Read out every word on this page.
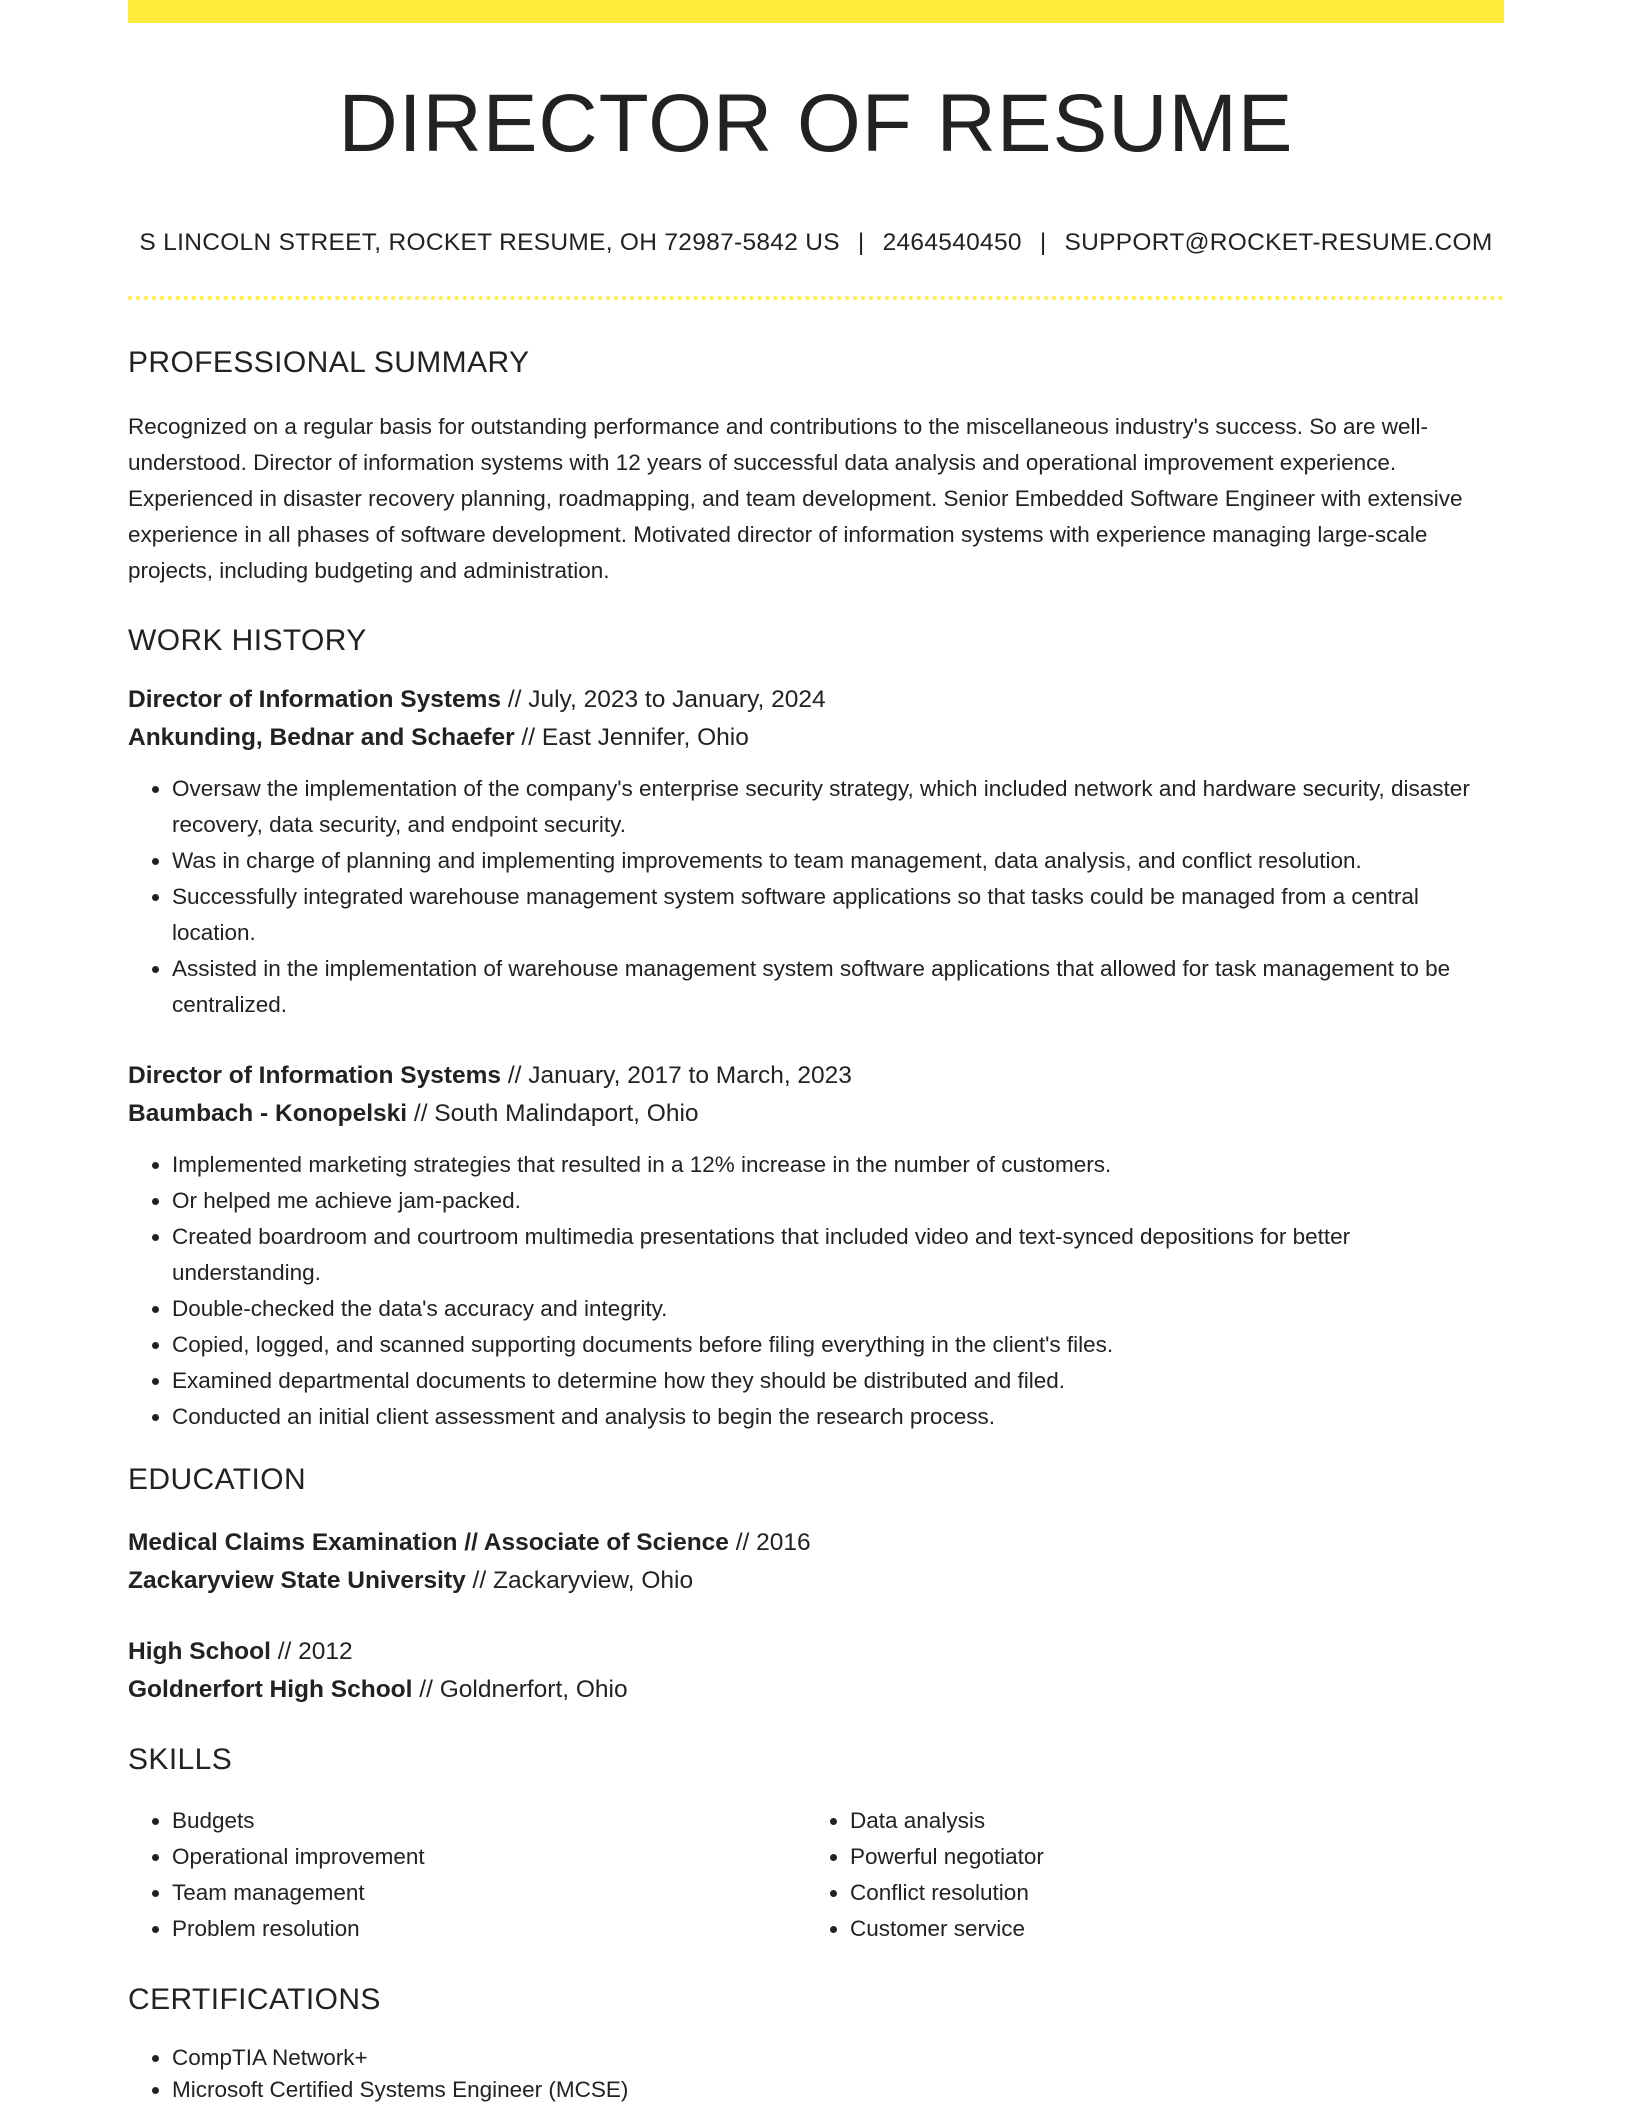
DIRECTOR OF RESUME
S LINCOLN STREET, ROCKET RESUME, OH 72987-5842 US | 2464540450 | SUPPORT@ROCKET-RESUME.COM
PROFESSIONAL SUMMARY

Recognized on a regular basis for outstanding performance and contributions to the miscellaneous industry's success. So are well-understood. Director of information systems with 12 years of successful data analysis and operational improvement experience. Experienced in disaster recovery planning, roadmapping, and team development. Senior Embedded Software Engineer with extensive experience in all phases of software development. Motivated director of information systems with experience managing large-scale projects, including budgeting and administration.

WORK HISTORY
Director of Information Systems // July, 2023 to January, 2024
Ankunding, Bednar and Schaefer // East Jennifer, Ohio
• Oversaw the implementation of the company's enterprise security strategy, which included network and hardware security, disaster recovery, data security, and endpoint security.
• Was in charge of planning and implementing improvements to team management, data analysis, and conflict resolution.
• Successfully integrated warehouse management system software applications so that tasks could be managed from a central location.
• Assisted in the implementation of warehouse management system software applications that allowed for task management to be centralized.
Director of Information Systems // January, 2017 to March, 2023
Baumbach - Konopelski // South Malindaport, Ohio
• Implemented marketing strategies that resulted in a 12% increase in the number of customers.
• Or helped me achieve jam-packed.
• Created boardroom and courtroom multimedia presentations that included video and text-synced depositions for better understanding.
• Double-checked the data's accuracy and integrity.
• Copied, logged, and scanned supporting documents before filing everything in the client's files.
• Examined departmental documents to determine how they should be distributed and filed.
• Conducted an initial client assessment and analysis to begin the research process.
EDUCATION
Medical Claims Examination // Associate of Science // 2016
Zackaryview State University // Zackaryview, Ohio
High School // 2012
Goldnerfort High School // Goldnerfort, Ohio
SKILLS
• Budgets
• Operational improvement
• Team management
• Problem resolution
• Data analysis
• Powerful negotiator
• Conflict resolution
• Customer service
CERTIFICATIONS
• CompTIA Network+
• Microsoft Certified Systems Engineer (MCSE)
